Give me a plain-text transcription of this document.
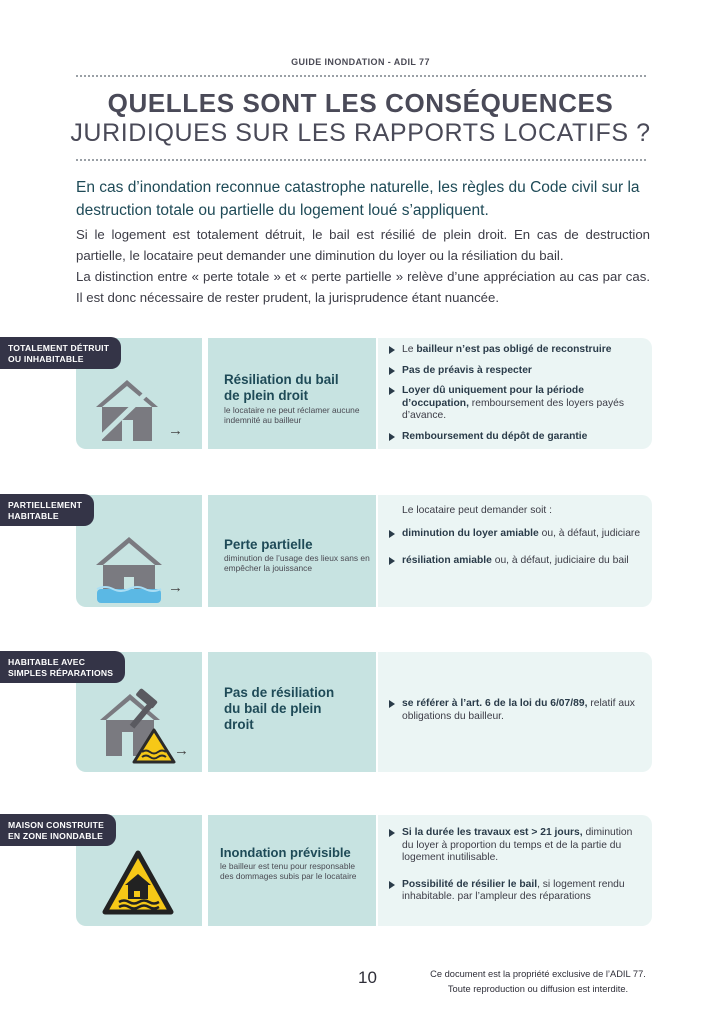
GUIDE INONDATION - ADIL 77
QUELLES SONT LES CONSÉQUENCES
JURIDIQUES SUR LES RAPPORTS LOCATIFS ?
En cas d’inondation reconnue catastrophe naturelle, les règles du Code civil sur la destruction totale ou partielle du logement loué s’appliquent.
Si le logement est totalement détruit, le bail est résilié de plein droit. En cas de destruction partielle, le locataire peut demander une diminution du loyer ou la résiliation du bail.
La distinction entre « perte totale » et « perte partielle » relève d’une appréciation au cas par cas. Il est donc nécessaire de rester prudent, la jurisprudence étant nuancée.
TOTALEMENT DÉTRUIT
OU INHABITABLE
→
Résiliation du bail
de plein droit
le locataire ne peut réclamer aucune indemnité au bailleur
Le bailleur n’est pas obligé de reconstruire
Pas de préavis à respecter
Loyer dû uniquement pour la période d’occupation, remboursement des loyers payés d’avance.
Remboursement du dépôt de garantie
PARTIELLEMENT
HABITABLE
→
Perte partielle
diminution de l’usage des lieux sans en empêcher la jouissance
Le locataire peut demander soit :
diminution du loyer amiable ou, à défaut, judiciare
résiliation amiable ou, à défaut, judiciaire du bail
HABITABLE AVEC
SIMPLES RÉPARATIONS
→
Pas de résiliation
du bail de plein
droit
se référer à l’art. 6 de la loi du 6/07/89, relatif aux obligations du bailleur.
MAISON CONSTRUITE
EN ZONE INONDABLE
Inondation prévisible
le bailleur est tenu pour responsable des dommages subis par le locataire
Si la durée les travaux est > 21 jours, diminution du loyer à proportion du temps et de la partie du logement inutilisable.
Possibilité de résilier le bail, si logement rendu inhabitable. par l’ampleur des réparations
10	Ce document est la propriété exclusive de l’ADIL 77.
Toute reproduction ou diffusion est interdite.
